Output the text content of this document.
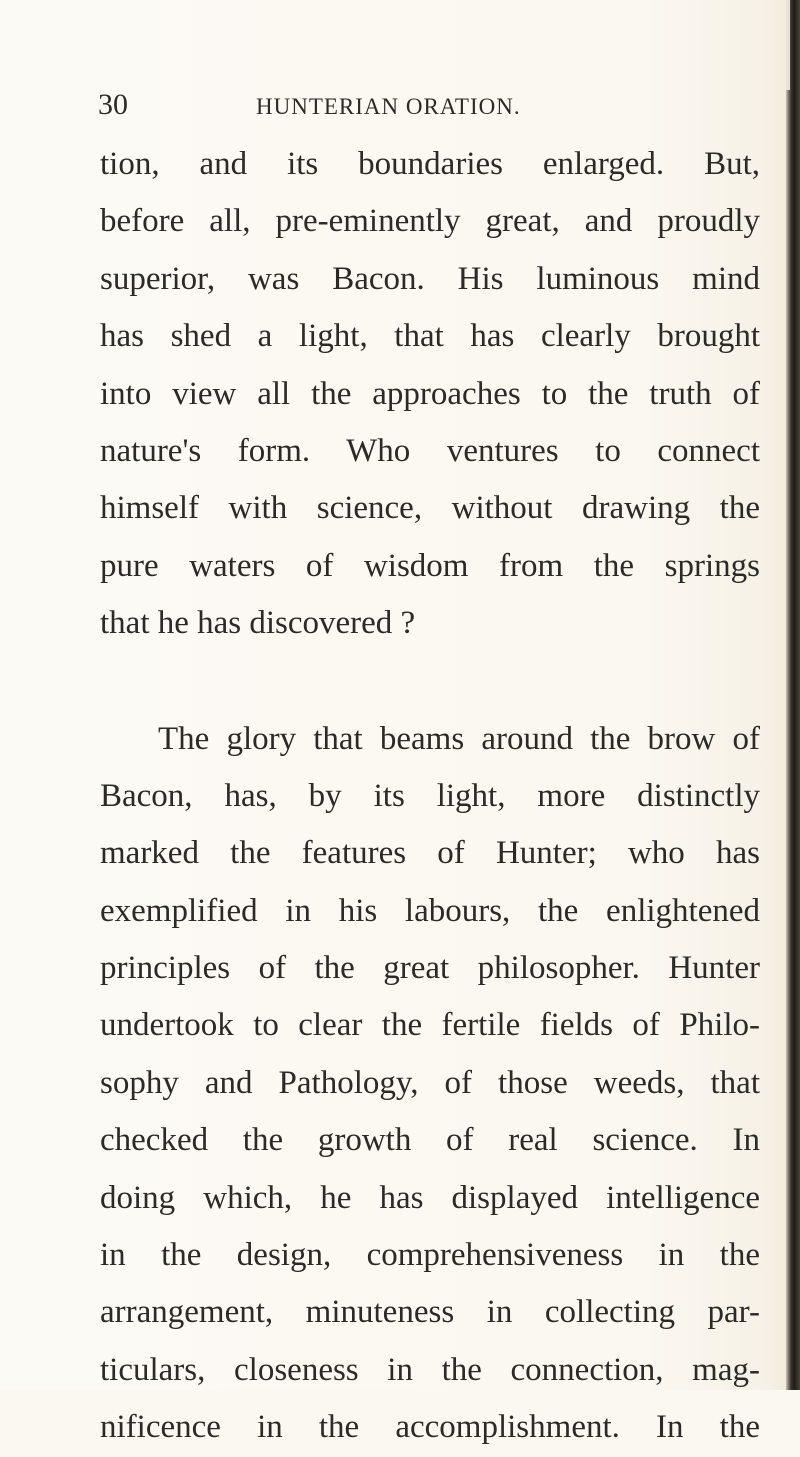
30	HUNTERIAN ORATION.
tion, and its boundaries enlarged. But,
before all, pre-eminently great, and proudly
superior, was Bacon. His luminous mind
has shed a light, that has clearly brought
into view all the approaches to the truth of
nature's form. Who ventures to connect
himself with science, without drawing the
pure waters of wisdom from the springs
that he has discovered ?
The glory that beams around the brow of
Bacon, has, by its light, more distinctly
marked the features of Hunter; who has
exemplified in his labours, the enlightened
principles of the great philosopher. Hunter
undertook to clear the fertile fields of Philo-
sophy and Pathology, of those weeds, that
checked the growth of real science. In
doing which, he has displayed intelligence
in the design, comprehensiveness in the
arrangement, minuteness in collecting par-
ticulars, closeness in the connection, mag-
nificence in the accomplishment. In the
